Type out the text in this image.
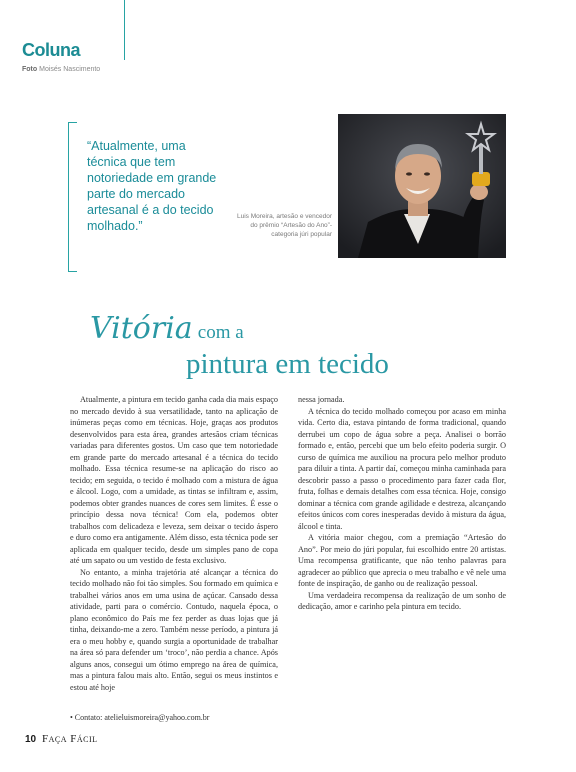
Coluna
Foto Moisés Nascimento
“Atualmente, uma técnica que tem notoriedade em grande parte do mercado artesanal é a do tecido molhado.”
Luis Moreira, artesão e vencedor do prêmio “Artesão do Ano”- categoria júri popular
Vitória com a
pintura em tecido

Atualmente, a pintura em tecido ganha cada dia mais espaço no mercado devido à sua versatilidade, tanto na aplicação de inúmeras peças como em técnicas. Hoje, graças aos produtos desenvolvidos para esta área, grandes artesãos criam técnicas variadas para diferentes gostos. Um caso que tem notoriedade em grande parte do mercado artesanal é a técnica do tecido molhado. Essa técnica resume-se na aplicação do risco ao tecido; em seguida, o tecido é molhado com a mistura de água e álcool. Logo, com a umidade, as tintas se infiltram e, assim, podemos obter grandes nuances de cores sem limites. É esse o princípio dessa nova técnica! Com ela, podemos obter trabalhos com delicadeza e leveza, sem deixar o tecido áspero e duro como era antigamente. Além disso, esta técnica pode ser aplicada em qualquer tecido, desde um simples pano de copa até um sapato ou um vestido de festa exclusivo.

No entanto, a minha trajetória até alcançar a técnica do tecido molhado não foi tão simples. Sou formado em química e trabalhei vários anos em uma usina de açúcar. Cansado dessa atividade, parti para o comércio. Contudo, naquela época, o plano econômico do País me fez perder as duas lojas que já tinha, deixando-me a zero. Também nesse período, a pintura já era o meu hobby e, quando surgia a oportunidade de trabalhar na área só para defender um ‘troco’, não perdia a chance. Após alguns anos, consegui um ótimo emprego na área de química, mas a pintura falou mais alto. Então, segui os meus instintos e estou até hoje

nessa jornada.

A técnica do tecido molhado começou por acaso em minha vida. Certo dia, estava pintando de forma tradicional, quando derrubei um copo de água sobre a peça. Analisei o borrão formado e, então, percebi que um belo efeito poderia surgir. O curso de química me auxiliou na procura pelo melhor produto para diluir a tinta. A partir daí, começou minha caminhada para descobrir passo a passo o procedimento para fazer cada flor, fruta, folhas e demais detalhes com essa técnica. Hoje, consigo dominar a técnica com grande agilidade e destreza, alcançando efeitos únicos com cores inesperadas devido à mistura da água, álcool e tinta.

A vitória maior chegou, com a premiação “Artesão do Ano”. Por meio do júri popular, fui escolhido entre 20 artistas. Uma recompensa gratificante, que não tenho palavras para agradecer ao público que aprecia o meu trabalho e vê nele uma fonte de inspiração, de ganho ou de realização pessoal.

Uma verdadeira recompensa da realização de um sonho de dedicação, amor e carinho pela pintura em tecido.

• Contato: atelieluismoreira@yahoo.com.br
10 Faça Fácil
